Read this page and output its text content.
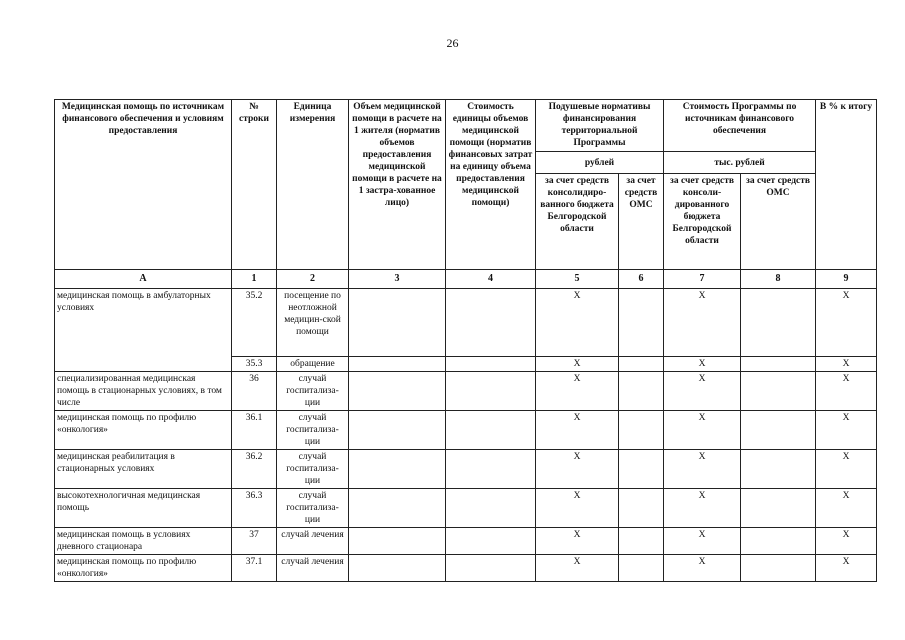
26
Медицинская помощь по источникам финансового обеспечения и условиям предоставления	№ строки	Единица измерения	Объем медицинской помощи в расчете на 1 жителя (норматив объемов предоставления медицинской помощи в расчете на 1 застра-хованное лицо)	Стоимость единицы объемов медицинской помощи (норматив финансовых затрат на единицу объема предоставления медицинской помощи)	Подушевые нормативы финансирования территориальной Программы		Стоимость Программы по источникам финансового обеспечения		В % к итогу
					рублей		тыс. рублей		
					за счет средств консолидиро-ванного бюджета Белгородской области	за счет средств ОМС	за счет средств консоли-дированного бюджета Белгородской области	за счет средств ОМС	
А	1	2	3	4	5	6	7	8	9
медицинская помощь в амбулаторных условиях	35.2	посещение по неотложной медицин-ской помощи			Х		Х		Х
	35.3	обращение			Х		Х		Х
специализированная медицинская помощь в стационарных условиях, в том числе	36	случай госпитализа-ции			Х		Х		Х
медицинская помощь по профилю «онкология»	36.1	случай госпитализа-ции			Х		Х		Х
медицинская реабилитация в стационарных условиях	36.2	случай госпитализа-ции			Х		Х		Х
высокотехнологичная медицинская помощь	36.3	случай госпитализа-ции			Х		Х		Х
медицинская помощь в условиях дневного стационара	37	случай лечения			Х		Х		Х
медицинская помощь по профилю «онкология»	37.1	случай лечения			Х		Х		Х
